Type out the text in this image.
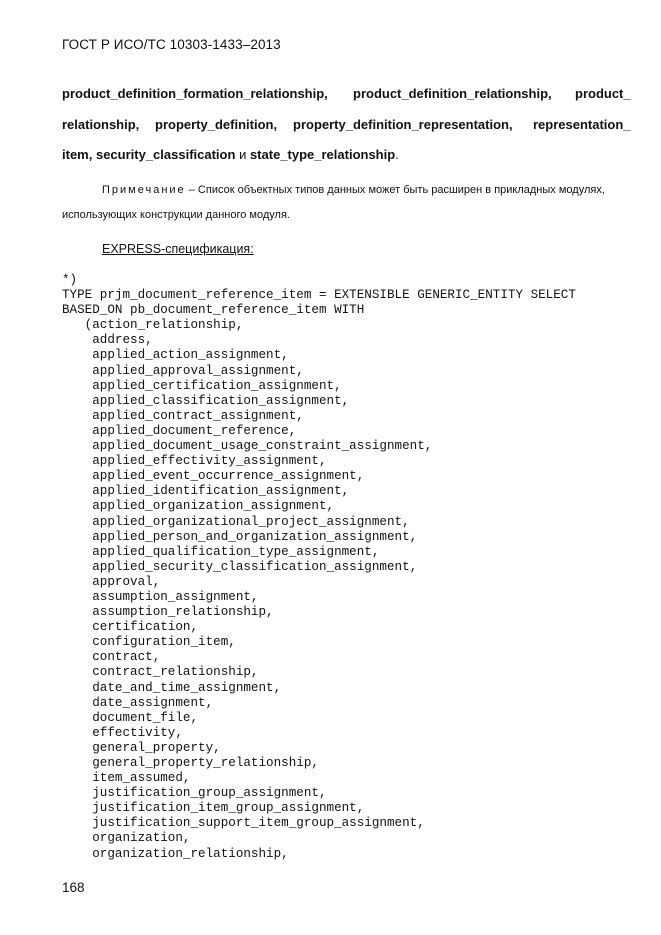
ГОСТ Р ИСО/ТС 10303-1433–2013
product_definition_formation_relationship, product_definition_relationship, product_
relationship, property_definition, property_definition_representation, representation_
item, security_classification и state_type_relationship.
Примечание – Список объектных типов данных может быть расширен в прикладных модулях,
использующих конструкции данного модуля.
EXPRESS-спецификация:
*)
TYPE prjm_document_reference_item = EXTENSIBLE GENERIC_ENTITY SELECT
BASED_ON pb_document_reference_item WITH
(action_relationship,
address,
applied_action_assignment,
applied_approval_assignment,
applied_certification_assignment,
applied_classification_assignment,
applied_contract_assignment,
applied_document_reference,
applied_document_usage_constraint_assignment,
applied_effectivity_assignment,
applied_event_occurrence_assignment,
applied_identification_assignment,
applied_organization_assignment,
applied_organizational_project_assignment,
applied_person_and_organization_assignment,
applied_qualification_type_assignment,
applied_security_classification_assignment,
approval,
assumption_assignment,
assumption_relationship,
certification,
configuration_item,
contract,
contract_relationship,
date_and_time_assignment,
date_assignment,
document_file,
effectivity,
general_property,
general_property_relationship,
item_assumed,
justification_group_assignment,
justification_item_group_assignment,
justification_support_item_group_assignment,
organization,
organization_relationship,
168
